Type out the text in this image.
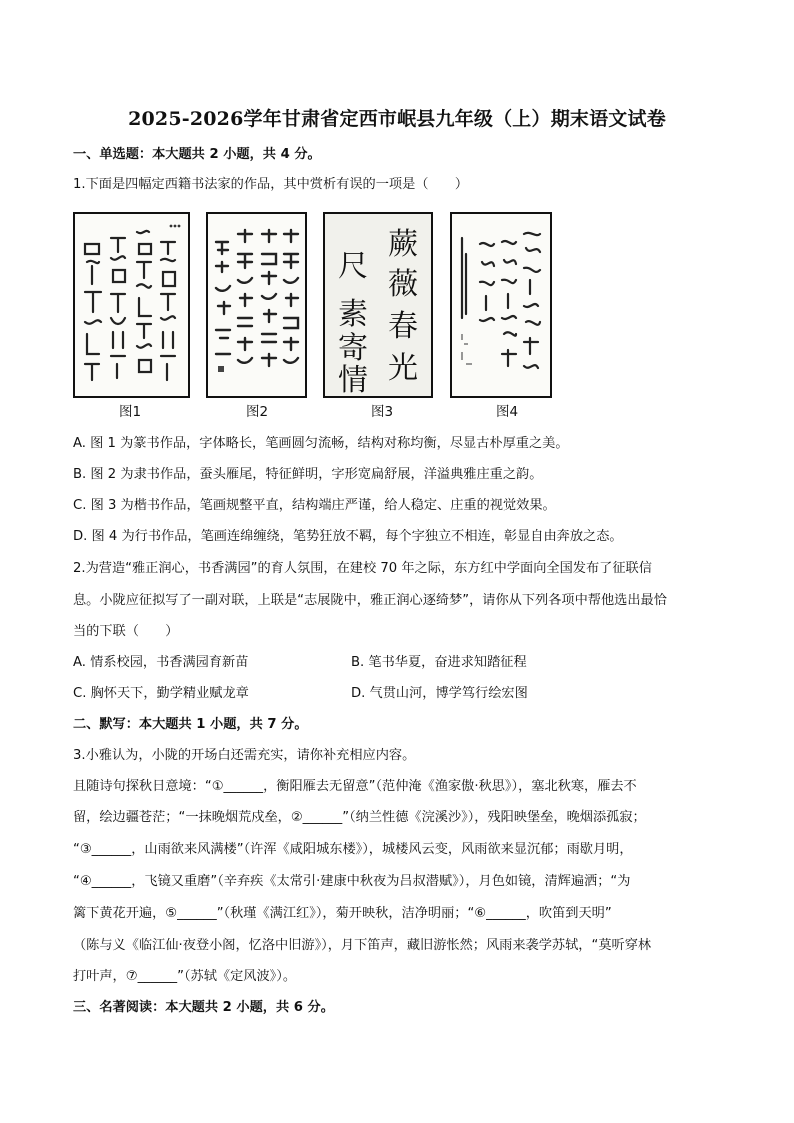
2025-2026学年甘肃省定西市岷县九年级（上）期末语文试卷
一、单选题：本大题共 2 小题，共 4 分。
1.下面是四幅定西籍书法家的作品，其中赏析有误的一项是（　　）
蕨
薇
春
光
尺
素
寄
情
图1	图2	图3	图4
A. 图 1 为篆书作品，字体略长，笔画圆匀流畅，结构对称均衡，尽显古朴厚重之美。
B. 图 2 为隶书作品，蚕头雁尾，特征鲜明，字形宽扁舒展，洋溢典雅庄重之韵。
C. 图 3 为楷书作品，笔画规整平直，结构端庄严谨，给人稳定、庄重的视觉效果。
D. 图 4 为行书作品，笔画连绵缠绕，笔势狂放不羁，每个字独立不相连，彰显自由奔放之态。
2.为营造“雅正润心，书香满园”的育人氛围，在建校 70 年之际，东方红中学面向全国发布了征联信
息。小陇应征拟写了一副对联，上联是“志展陇中，雅正润心逐绮梦”，请你从下列各项中帮他选出最恰
当的下联（　　）
A. 情系校园，书香满园育新苗	B. 笔书华夏，奋进求知踏征程
C. 胸怀天下，勤学精业赋龙章	D. 气贯山河，博学笃行绘宏图
二、默写：本大题共 1 小题，共 7 分。
3.小雅认为，小陇的开场白还需充实，请你补充相应内容。
且随诗句探秋日意境：“①______，衡阳雁去无留意”（范仲淹《渔家傲·秋思》），塞北秋寒，雁去不
留，绘边疆苍茫；“一抹晚烟荒戍垒，②______”（纳兰性德《浣溪沙》），残阳映堡垒，晚烟添孤寂；
“③______，山雨欲来风满楼”（许浑《咸阳城东楼》），城楼风云变，风雨欲来显沉郁；雨歇月明，
“④______，飞镜又重磨”（辛弃疾《太常引·建康中秋夜为吕叔潜赋》），月色如镜，清辉遍洒；“为
篱下黄花开遍，⑤______”（秋瑾《满江红》），菊开映秋，洁净明丽；“⑥______，吹笛到天明”
（陈与义《临江仙·夜登小阁，忆洛中旧游》），月下笛声，藏旧游怅然；风雨来袭学苏轼，“莫听穿林
打叶声，⑦______”（苏轼《定风波》）。
三、名著阅读：本大题共 2 小题，共 6 分。
